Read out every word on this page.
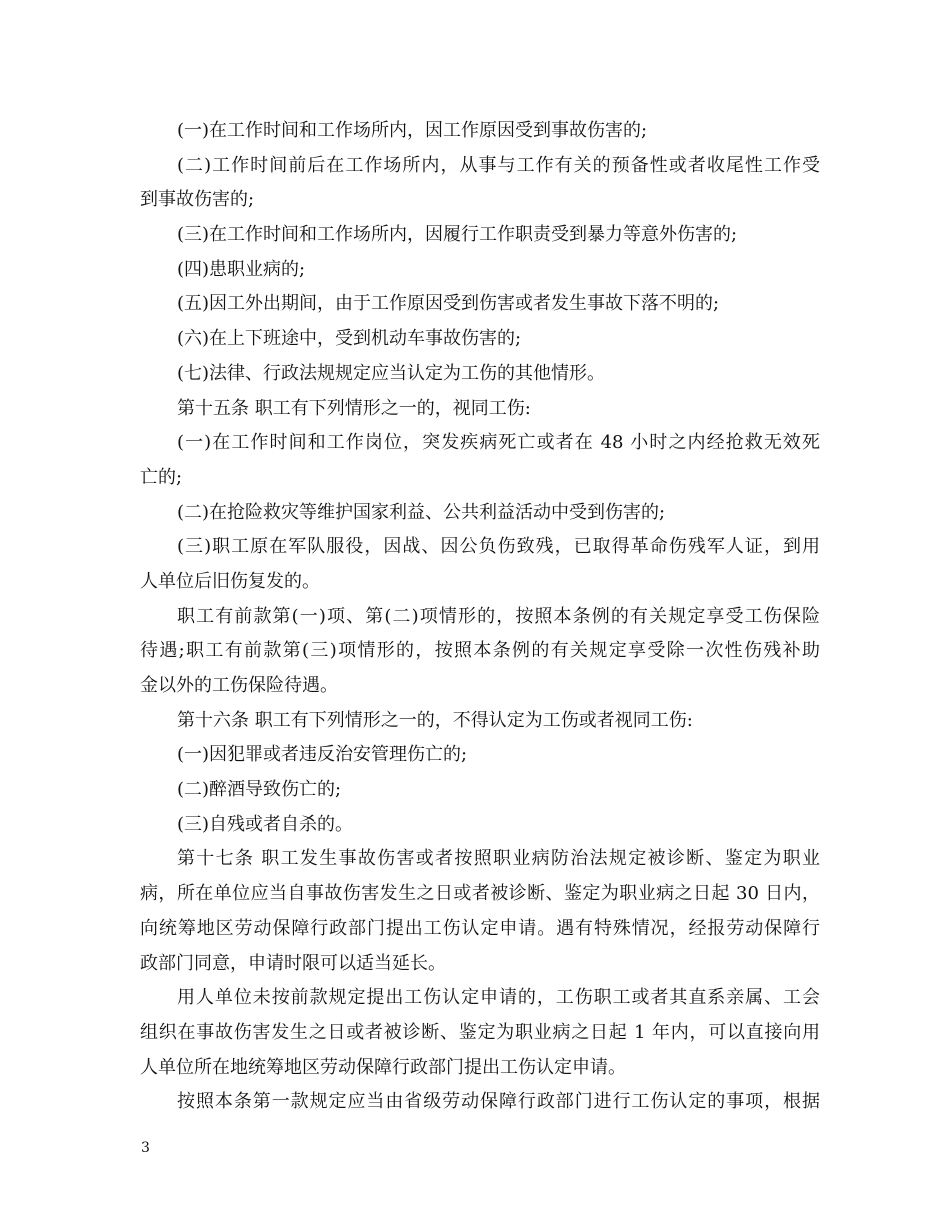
(一)在工作时间和工作场所内，因工作原因受到事故伤害的;
(二)工作时间前后在工作场所内，从事与工作有关的预备性或者收尾性工作受
到事故伤害的;
(三)在工作时间和工作场所内，因履行工作职责受到暴力等意外伤害的;
(四)患职业病的;
(五)因工外出期间，由于工作原因受到伤害或者发生事故下落不明的;
(六)在上下班途中，受到机动车事故伤害的;
(七)法律、行政法规规定应当认定为工伤的其他情形。
第十五条 职工有下列情形之一的，视同工伤:
(一)在工作时间和工作岗位，突发疾病死亡或者在 48 小时之内经抢救无效死
亡的;
(二)在抢险救灾等维护国家利益、公共利益活动中受到伤害的;
(三)职工原在军队服役，因战、因公负伤致残，已取得革命伤残军人证，到用
人单位后旧伤复发的。
职工有前款第(一)项、第(二)项情形的，按照本条例的有关规定享受工伤保险
待遇;职工有前款第(三)项情形的，按照本条例的有关规定享受除一次性伤残补助
金以外的工伤保险待遇。
第十六条 职工有下列情形之一的，不得认定为工伤或者视同工伤:
(一)因犯罪或者违反治安管理伤亡的;
(二)醉酒导致伤亡的;
(三)自残或者自杀的。
第十七条 职工发生事故伤害或者按照职业病防治法规定被诊断、鉴定为职业
病，所在单位应当自事故伤害发生之日或者被诊断、鉴定为职业病之日起 30 日内，
向统筹地区劳动保障行政部门提出工伤认定申请。遇有特殊情况，经报劳动保障行
政部门同意，申请时限可以适当延长。
用人单位未按前款规定提出工伤认定申请的，工伤职工或者其直系亲属、工会
组织在事故伤害发生之日或者被诊断、鉴定为职业病之日起 1 年内，可以直接向用
人单位所在地统筹地区劳动保障行政部门提出工伤认定申请。
按照本条第一款规定应当由省级劳动保障行政部门进行工伤认定的事项，根据
3
